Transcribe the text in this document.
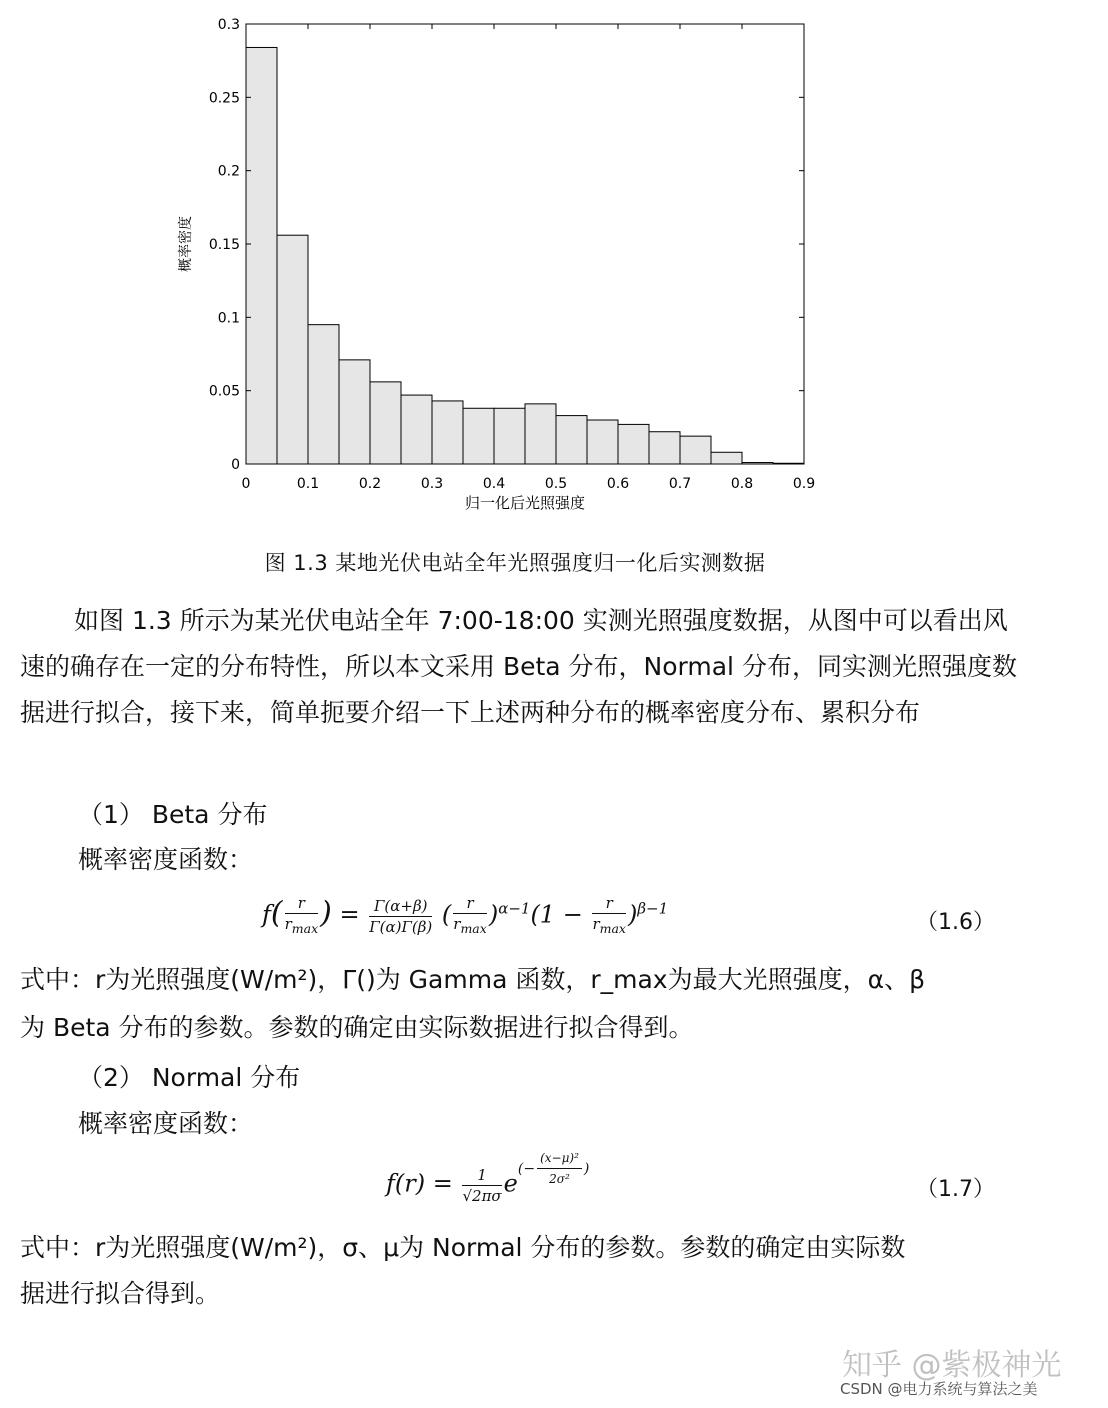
0	0.1	0.2	0.3	0.4	0.5	0.6	0.7	0.8	0.9
0
0.05
0.1
0.15
0.2
0.25
0.3
归一化后光照强度
概率密度
图 1.3 某地光伏电站全年光照强度归一化后实测数据
如图 1.3 所示为某光伏电站全年 7:00-18:00 实测光照强度数据，从图中可以看出风速的确存在一定的分布特性，所以本文采用 Beta 分布，Normal 分布，同实测光照强度数据进行拟合，接下来，简单扼要介绍一下上述两种分布的概率密度分布、累积分布
（1） Beta 分布
概率密度函数：
$f( \frac{r}{r_{max}}$ ) = $\frac{\Gamma(\alpha+\beta)}{\Gamma(\alpha)\Gamma(\beta)}$ ( $\frac{r}{r_{max}} )^{\alpha-1}(1 - \frac{r}{r_{max}} )^{\beta-1}$
（1.6）
式中：r为光照强度(W/m²)，Γ()为 Gamma 函数，r_max为最大光照强度，α、β
为 Beta 分布的参数。参数的确定由实际数据进行拟合得到。
（2） Normal 分布
概率密度函数：
$f(r) = \frac{1}{√2\pi\sigma} e^{(- \frac{\text{(x−μ)²}}{\text{2σ²}} )}$
（1.7）
式中：r为光照强度(W/m²)，σ、μ为 Normal 分布的参数。参数的确定由实际数
据进行拟合得到。
知乎 @紫极神光
CSDN @电力系统与算法之美
